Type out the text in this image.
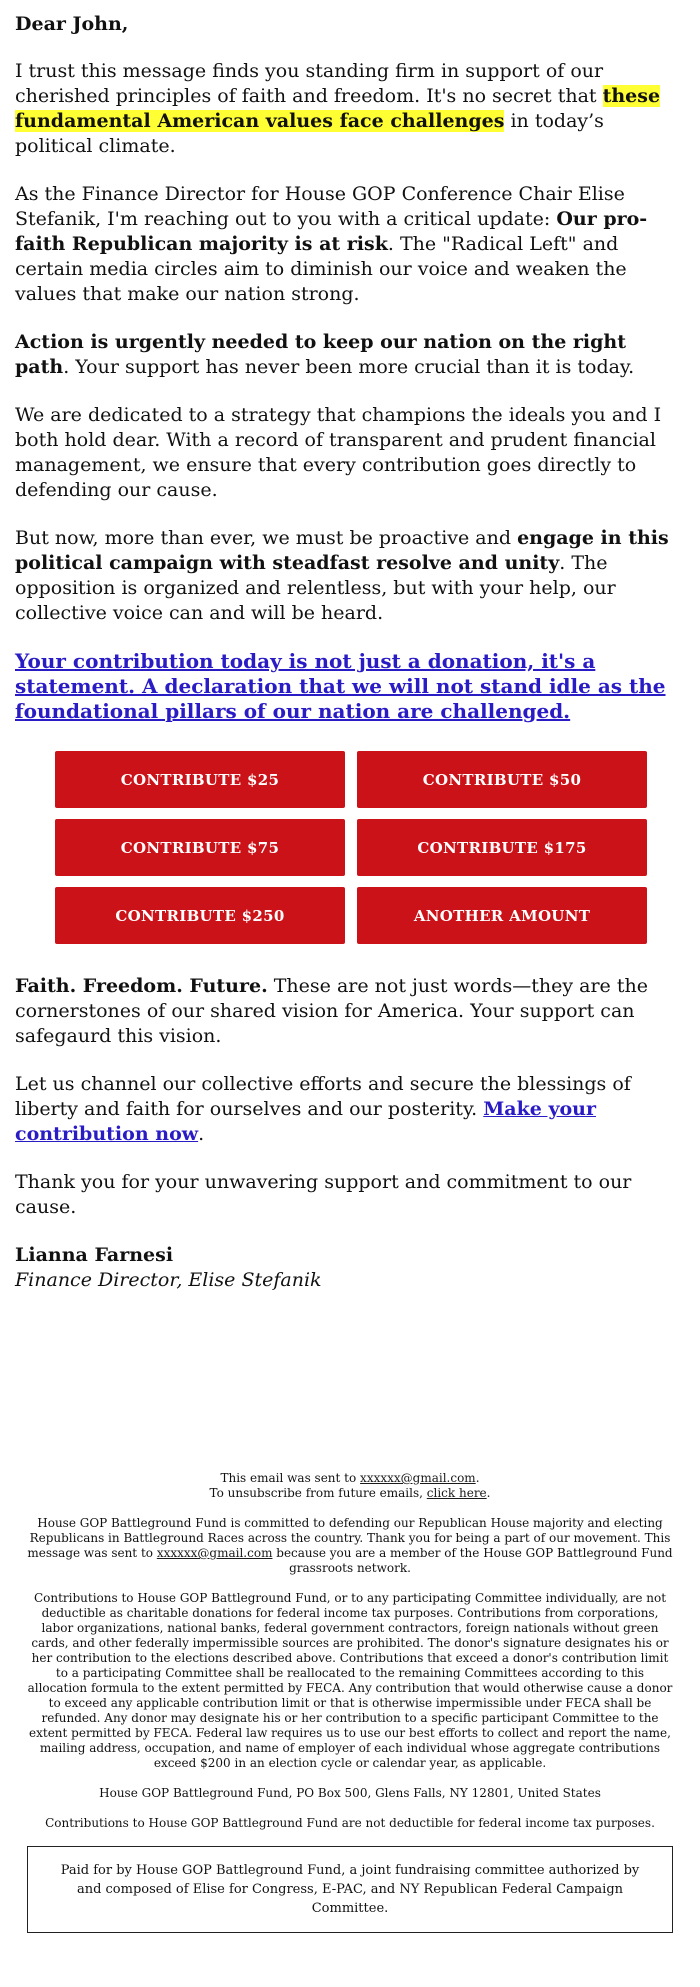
Dear John,

I trust this message finds you standing firm in support of our cherished principles of faith and freedom. It's no secret that these fundamental American values face challenges in today’s political climate.

As the Finance Director for House GOP Conference Chair Elise Stefanik, I'm reaching out to you with a critical update: Our pro-faith Republican majority is at risk. The "Radical Left" and certain media circles aim to diminish our voice and weaken the values that make our nation strong.

Action is urgently needed to keep our nation on the right path. Your support has never been more crucial than it is today.

We are dedicated to a strategy that champions the ideals you and I both hold dear. With a record of transparent and prudent financial management, we ensure that every contribution goes directly to defending our cause.

But now, more than ever, we must be proactive and engage in this political campaign with steadfast resolve and unity. The opposition is organized and relentless, but with your help, our collective voice can and will be heard.

Your contribution today is not just a donation, it's a statement. A declaration that we will not stand idle as the foundational pillars of our nation are challenged.
CONTRIBUTE $25	CONTRIBUTE $50
CONTRIBUTE $75	CONTRIBUTE $175
CONTRIBUTE $250	ANOTHER AMOUNT

Faith. Freedom. Future. These are not just words—they are the cornerstones of our shared vision for America. Your support can safegaurd this vision.

Let us channel our collective efforts and secure the blessings of liberty and faith for ourselves and our posterity. Make your contribution now.

Thank you for your unwavering support and commitment to our cause.

Lianna Farnesi
Finance Director, Elise Stefanik

This email was sent to xxxxxx@gmail.com.
To unsubscribe from future emails, click here.

House GOP Battleground Fund is committed to defending our Republican House majority and electing Republicans in Battleground Races across the country. Thank you for being a part of our movement. This message was sent to xxxxxx@gmail.com because you are a member of the House GOP Battleground Fund grassroots network.

Contributions to House GOP Battleground Fund, or to any participating Committee individually, are not deductible as charitable donations for federal income tax purposes. Contributions from corporations, labor organizations, national banks, federal government contractors, foreign nationals without green cards, and other federally impermissible sources are prohibited. The donor's signature designates his or her contribution to the elections described above. Contributions that exceed a donor's contribution limit to a participating Committee shall be reallocated to the remaining Committees according to this allocation formula to the extent permitted by FECA. Any contribution that would otherwise cause a donor to exceed any applicable contribution limit or that is otherwise impermissible under FECA shall be refunded. Any donor may designate his or her contribution to a specific participant Committee to the extent permitted by FECA. Federal law requires us to use our best efforts to collect and report the name, mailing address, occupation, and name of employer of each individual whose aggregate contributions exceed $200 in an election cycle or calendar year, as applicable.

House GOP Battleground Fund, PO Box 500, Glens Falls, NY 12801, United States

Contributions to House GOP Battleground Fund are not deductible for federal income tax purposes.

Paid for by House GOP Battleground Fund, a joint fundraising committee authorized by and composed of Elise for Congress, E-PAC, and NY Republican Federal Campaign Committee.
